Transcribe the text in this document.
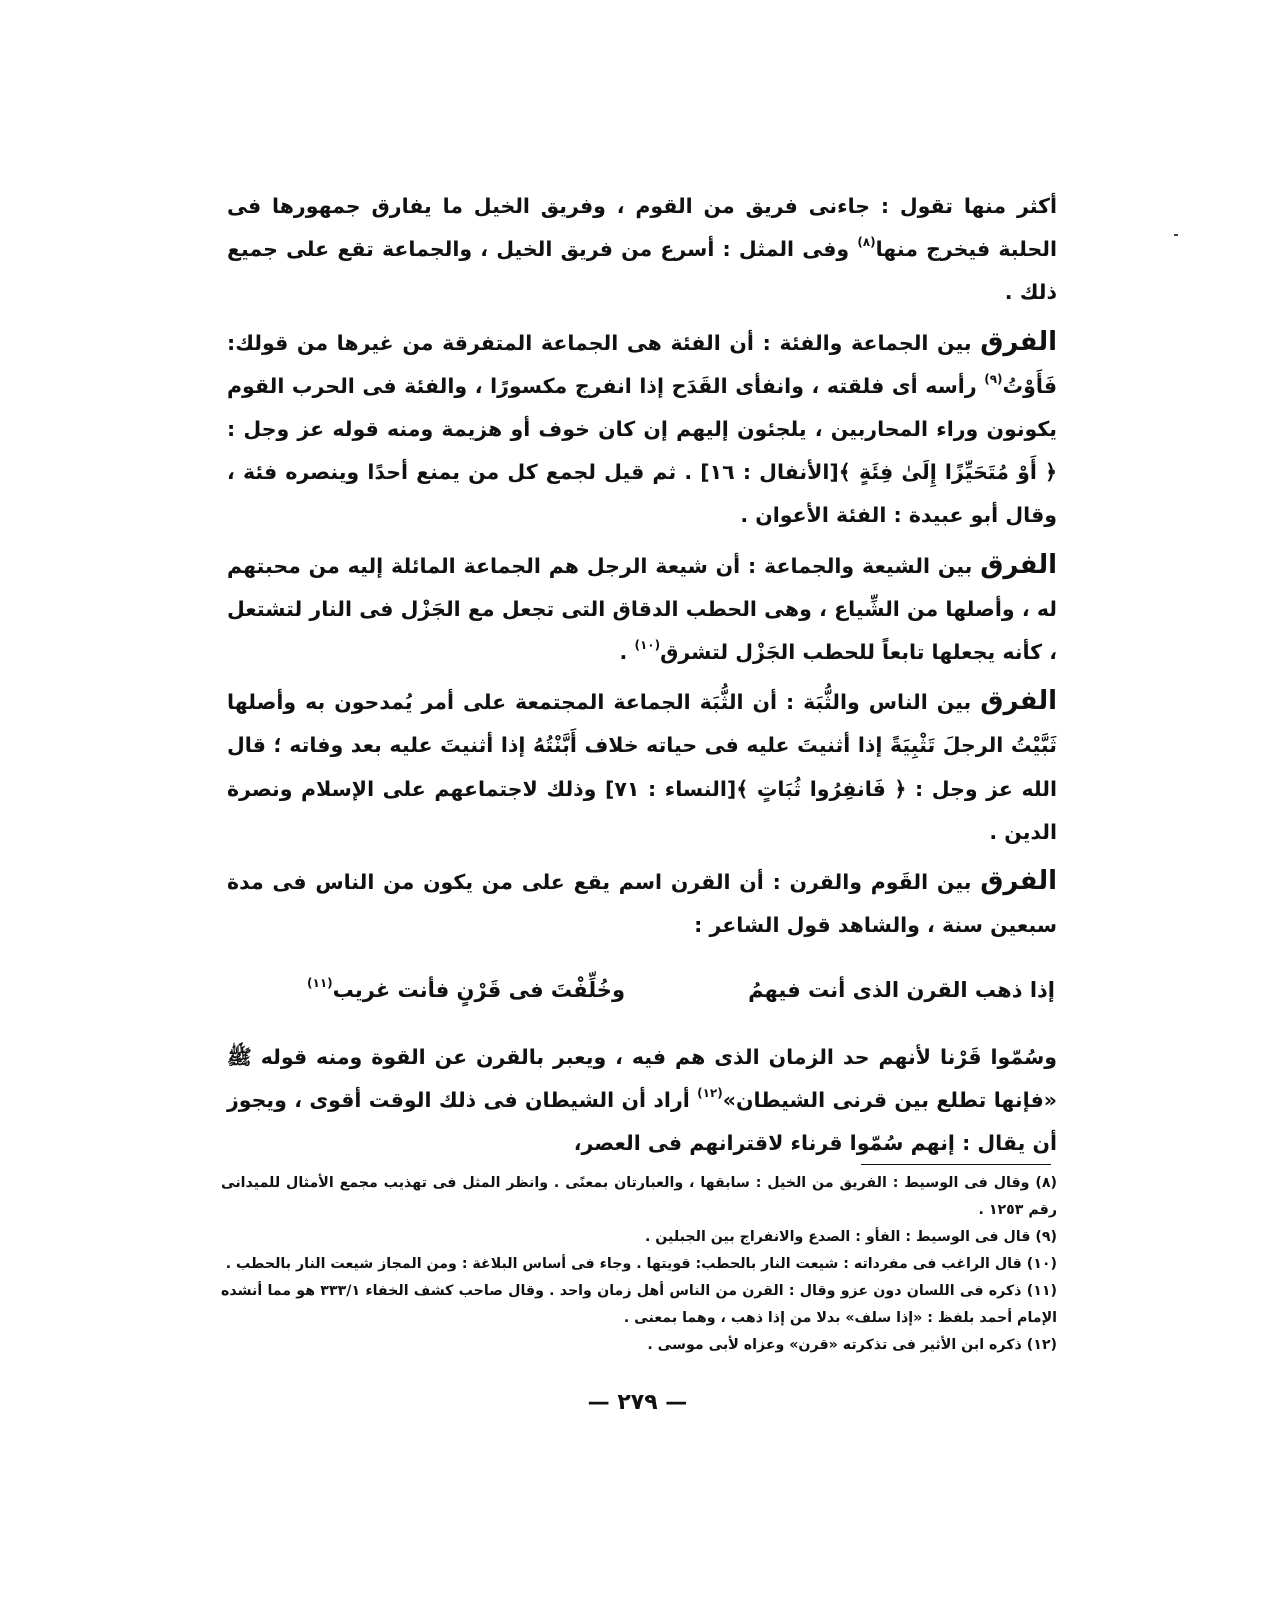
أكثر منها تقول : جاءنى فريق من القوم ، وفريق الخيل ما يفارق جمهورها فى الحلبة فيخرج منها$^{(٨)}$ وفى المثل : أسرع من فريق الخيل ، والجماعة تقع على جميع ذلك .

الفرق بين الجماعة والفئة : أن الفئة هى الجماعة المتفرقة من غيرها من قولك: فَأَوْتُ$^{(٩)}$ رأسه أى فلقته ، وانفأى القَدَح إذا انفرج مكسورًا ، والفئة فى الحرب القوم يكونون وراء المحاربين ، يلجئون إليهم إن كان خوف أو هزيمة ومنه قوله عز وجل : ﴿ أَوْ مُتَحَيِّزًا إِلَىٰ فِئَةٍ ﴾[الأنفال : ١٦] . ثم قيل لجمع كل من يمنع أحدًا وينصره فئة ، وقال أبو عبيدة : الفئة الأعوان .

الفرق بين الشيعة والجماعة : أن شيعة الرجل هم الجماعة المائلة إليه من محبتهم له ، وأصلها من الشِّياع ، وهى الحطب الدقاق التى تجعل مع الجَزْل فى النار لتشتعل ، كأنه يجعلها تابعاً للحطب الجَزْل لتشرق$^{(١٠)}$ .

الفرق بين الناس والثُّبَة : أن الثُّبَة الجماعة المجتمعة على أمر يُمدحون به وأصلها ثَبَّيْتُ الرجلَ تَثْبِيَةً إذا أثنيتَ عليه فى حياته خلاف أَبَّنْتُهُ إذا أثنيتَ عليه بعد وفاته ؛ قال الله عز وجل : ﴿ فَانفِرُوا ثُبَاتٍ ﴾[النساء : ٧١] وذلك لاجتماعهم على الإسلام ونصرة الدين .

الفرق بين القَوم والقرن : أن القرن اسم يقع على من يكون من الناس فى مدة سبعين سنة ، والشاهد قول الشاعر :

إذا ذهب القرن الذى أنت فيهمُ
وخُلِّفْتَ فى قَرْنٍ فأنت غريب$^{(١١)}$

وسُمّوا قَرْنا لأنهم حد الزمان الذى هم فيه ، ويعبر بالقرن عن القوة ومنه قوله ﷺ «فإنها تطلع بين قرنى الشيطان»$^{(١٢)}$ أراد أن الشيطان فى ذلك الوقت أقوى ، ويجوز أن يقال : إنهم سُمّوا قرناء لاقترانهم فى العصر،

(٨) وقال فى الوسيط : الفريق من الخيل : سابقها ، والعبارتان بمعنًى . وانظر المثل فى تهذيب مجمع الأمثال للميدانى رقم ١٢٥٣ .

(٩) قال فى الوسيط : الفأو : الصدع والانفراج بين الجبلين .

(١٠) قال الراغب فى مفرداته : شيعت النار بالحطب: قويتها . وجاء فى أساس البلاغة : ومن المجاز شيعت النار بالحطب .

(١١) ذكره فى اللسان دون عزو وقال : القرن من الناس أهل زمان واحد . وقال صاحب كشف الخفاء ٣٣٣/١ هو مما أنشده الإمام أحمد بلفظ : «إذا سلف» بدلا من إذا ذهب ، وهما بمعنى .

(١٢) ذكره ابن الأثير فى تذكرته «قرن» وعزاه لأبى موسى .

— ٢٧٩ —
